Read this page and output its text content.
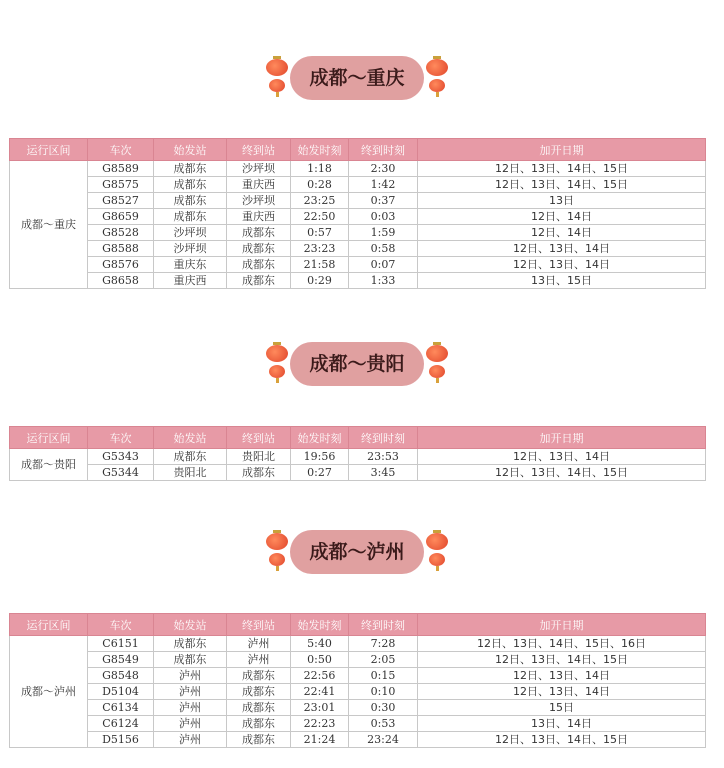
成都～重庆
运行区间	车次	始发站	终到站	始发时刻	终到时刻	加开日期
成都～重庆	G8589	成都东	沙坪坝	1:18	2:30	12日、13日、14日、15日
	G8575	成都东	重庆西	0:28	1:42	12日、13日、14日、15日
	G8527	成都东	沙坪坝	23:25	0:37	13日
	G8659	成都东	重庆西	22:50	0:03	12日、14日
	G8528	沙坪坝	成都东	0:57	1:59	12日、14日
	G8588	沙坪坝	成都东	23:23	0:58	12日、13日、14日
	G8576	重庆东	成都东	21:58	0:07	12日、13日、14日
	G8658	重庆西	成都东	0:29	1:33	13日、15日
成都～贵阳
运行区间	车次	始发站	终到站	始发时刻	终到时刻	加开日期
成都～贵阳	G5343	成都东	贵阳北	19:56	23:53	12日、13日、14日
	G5344	贵阳北	成都东	0:27	3:45	12日、13日、14日、15日
成都～泸州
运行区间	车次	始发站	终到站	始发时刻	终到时刻	加开日期
成都～泸州	C6151	成都东	泸州	5:40	7:28	12日、13日、14日、15日、16日
	G8549	成都东	泸州	0:50	2:05	12日、13日、14日、15日
	G8548	泸州	成都东	22:56	0:15	12日、13日、14日
	D5104	泸州	成都东	22:41	0:10	12日、13日、14日
	C6134	泸州	成都东	23:01	0:30	15日
	C6124	泸州	成都东	22:23	0:53	13日、14日
	D5156	泸州	成都东	21:24	23:24	12日、13日、14日、15日
